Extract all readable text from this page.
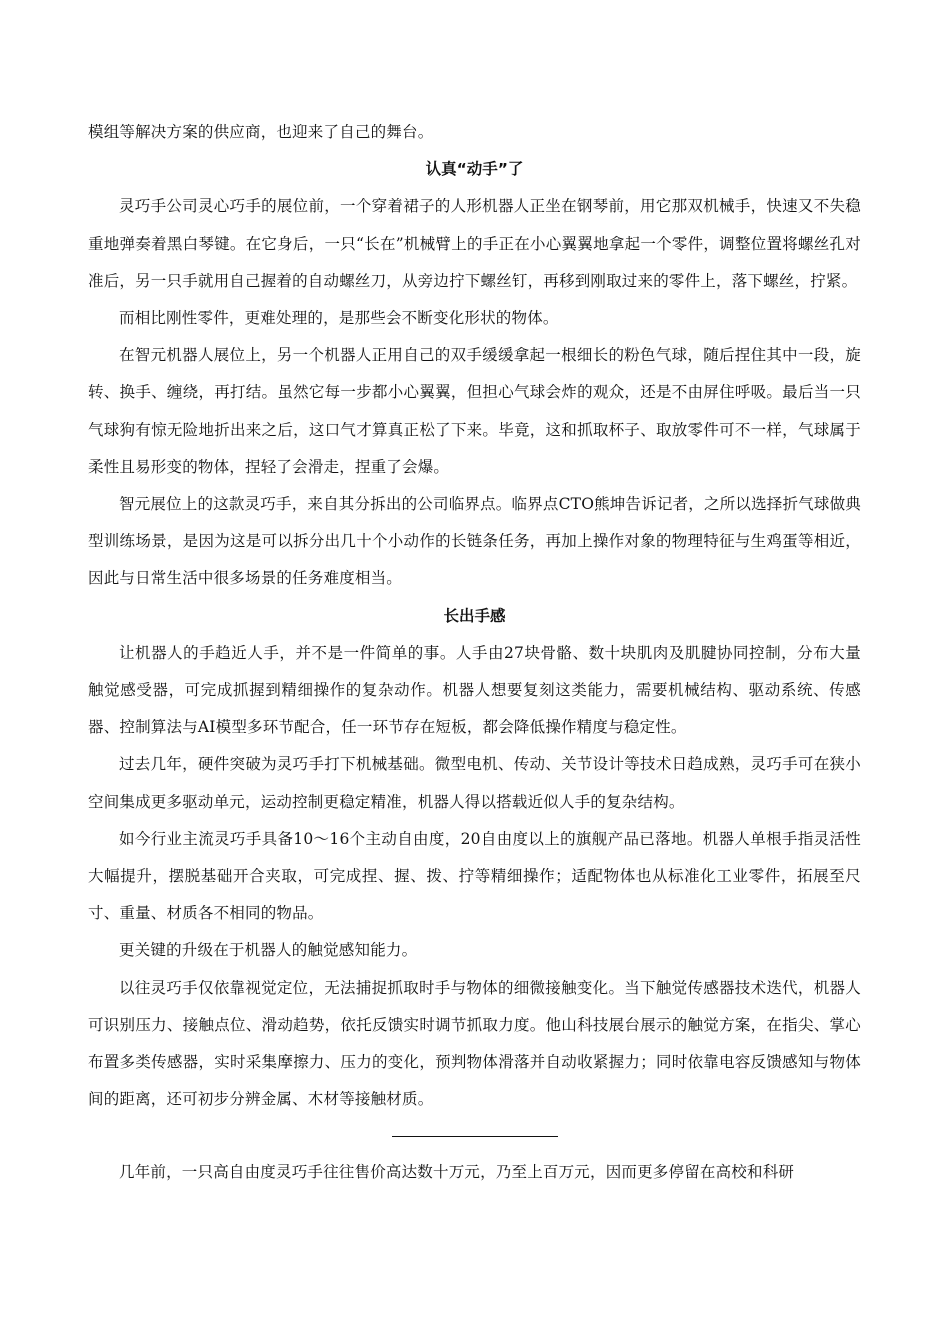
模组等解决方案的供应商，也迎来了自己的舞台。

认真“动手”了

灵巧手公司灵心巧手的展位前，一个穿着裙子的人形机器人正坐在钢琴前，用它那双机械手，快速又不失稳重地弹奏着黑白琴键。在它身后，一只“长在”机械臂上的手正在小心翼翼地拿起一个零件，调整位置将螺丝孔对准后，另一只手就用自己握着的自动螺丝刀，从旁边拧下螺丝钉，再移到刚取过来的零件上，落下螺丝，拧紧。

而相比刚性零件，更难处理的，是那些会不断变化形状的物体。

在智元机器人展位上，另一个机器人正用自己的双手缓缓拿起一根细长的粉色气球，随后捏住其中一段，旋转、换手、缠绕，再打结。虽然它每一步都小心翼翼，但担心气球会炸的观众，还是不由屏住呼吸。最后当一只气球狗有惊无险地折出来之后，这口气才算真正松了下来。毕竟，这和抓取杯子、取放零件可不一样，气球属于柔性且易形变的物体，捏轻了会滑走，捏重了会爆。

智元展位上的这款灵巧手，来自其分拆出的公司临界点。临界点CTO熊坤告诉记者，之所以选择折气球做典型训练场景，是因为这是可以拆分出几十个小动作的长链条任务，再加上操作对象的物理特征与生鸡蛋等相近，因此与日常生活中很多场景的任务难度相当。

长出手感

让机器人的手趋近人手，并不是一件简单的事。人手由27块骨骼、数十块肌肉及肌腱协同控制，分布大量触觉感受器，可完成抓握到精细操作的复杂动作。机器人想要复刻这类能力，需要机械结构、驱动系统、传感器、控制算法与AI模型多环节配合，任一环节存在短板，都会降低操作精度与稳定性。

过去几年，硬件突破为灵巧手打下机械基础。微型电机、传动、关节设计等技术日趋成熟，灵巧手可在狭小空间集成更多驱动单元，运动控制更稳定精准，机器人得以搭载近似人手的复杂结构。

如今行业主流灵巧手具备10～16个主动自由度，20自由度以上的旗舰产品已落地。机器人单根手指灵活性大幅提升，摆脱基础开合夹取，可完成捏、握、拨、拧等精细操作；适配物体也从标准化工业零件，拓展至尺寸、重量、材质各不相同的物品。

更关键的升级在于机器人的触觉感知能力。

以往灵巧手仅依靠视觉定位，无法捕捉抓取时手与物体的细微接触变化。当下触觉传感器技术迭代，机器人可识别压力、接触点位、滑动趋势，依托反馈实时调节抓取力度。他山科技展台展示的触觉方案，在指尖、掌心布置多类传感器，实时采集摩擦力、压力的变化，预判物体滑落并自动收紧握力；同时依靠电容反馈感知与物体间的距离，还可初步分辨金属、木材等接触材质。

几年前，一只高自由度灵巧手往往售价高达数十万元，乃至上百万元，因而更多停留在高校和科研
